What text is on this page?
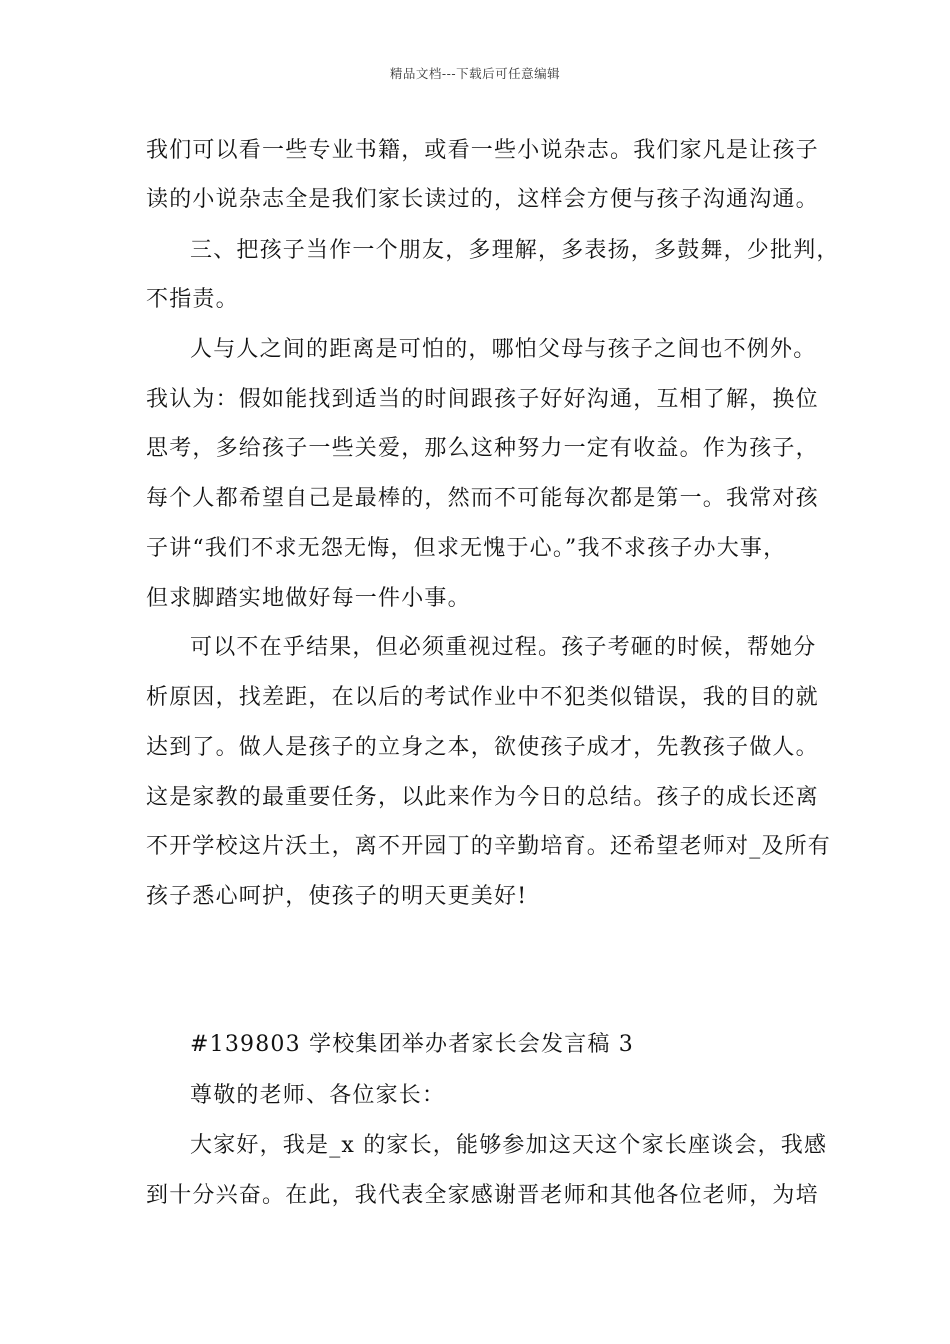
精品文档---下载后可任意编辑
我们可以看一些专业书籍，或看一些小说杂志。我们家凡是让孩子
读的小说杂志全是我们家长读过的，这样会方便与孩子沟通沟通。
三、把孩子当作一个朋友，多理解，多表扬，多鼓舞，少批判，
不指责。
人与人之间的距离是可怕的，哪怕父母与孩子之间也不例外。
我认为：假如能找到适当的时间跟孩子好好沟通，互相了解，换位
思考，多给孩子一些关爱，那么这种努力一定有收益。作为孩子，
每个人都希望自己是最棒的，然而不可能每次都是第一。我常对孩
子讲“我们不求无怨无悔，但求无愧于心。”我不求孩子办大事，
但求脚踏实地做好每一件小事。
可以不在乎结果，但必须重视过程。孩子考砸的时候，帮她分
析原因，找差距，在以后的考试作业中不犯类似错误，我的目的就
达到了。做人是孩子的立身之本，欲使孩子成才，先教孩子做人。
这是家教的最重要任务，以此来作为今日的总结。孩子的成长还离
不开学校这片沃土，离不开园丁的辛勤培育。还希望老师对_及所有
孩子悉心呵护，使孩子的明天更美好!
#139803 学校集团举办者家长会发言稿 3
尊敬的老师、各位家长：
大家好，我是_x 的家长，能够参加这天这个家长座谈会，我感
到十分兴奋。在此，我代表全家感谢晋老师和其他各位老师，为培
